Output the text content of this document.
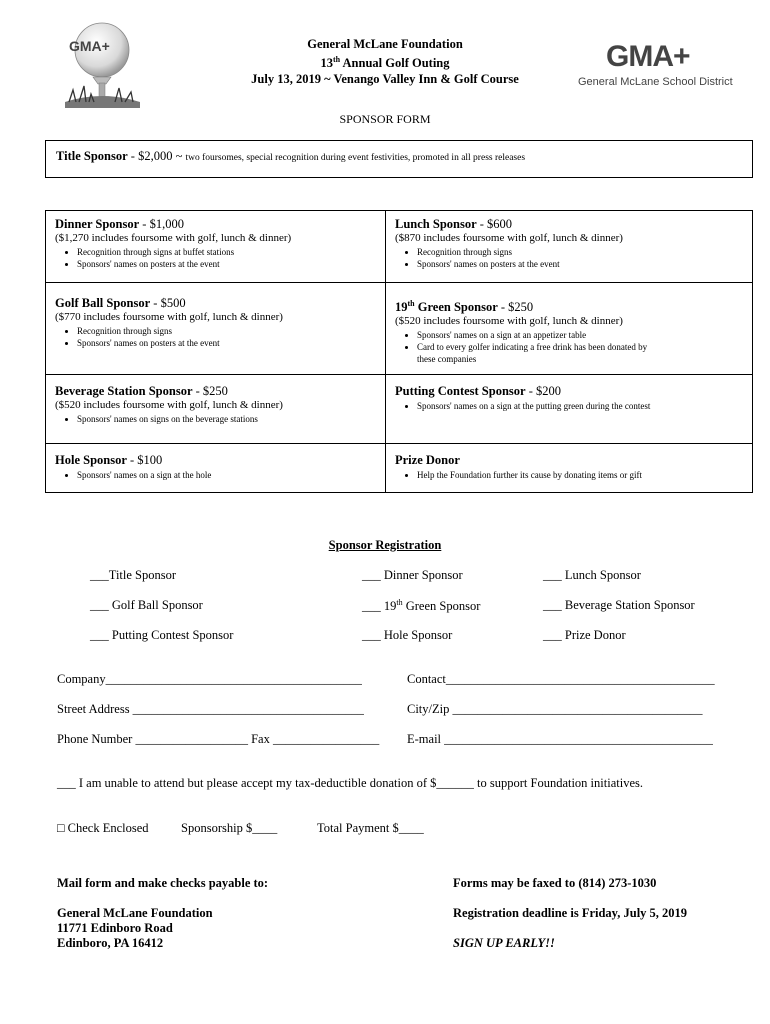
GMA+	GMA+
General McLane School District
General McLane Foundation
13th Annual Golf Outing
July 13, 2019 ~ Venango Valley Inn & Golf Course
SPONSOR FORM
Title Sponsor - $2,000 ~ two foursomes, special recognition during event festivities, promoted in all press releases
Dinner Sponsor - $1,000
($1,270 includes foursome with golf, lunch & dinner)
• Recognition through signs at buffet stations
• Sponsors' names on posters at the event
Lunch Sponsor - $600
($870 includes foursome with golf, lunch & dinner)
• Recognition through signs
• Sponsors' names on posters at the event
Golf Ball Sponsor - $500
($770 includes foursome with golf, lunch & dinner)
• Recognition through signs
• Sponsors' names on posters at the event
19th Green Sponsor - $250
($520 includes foursome with golf, lunch & dinner)
• Sponsors' names on a sign at an appetizer table
• Card to every golfer indicating a free drink has been donated by these companies
Beverage Station Sponsor - $250
($520 includes foursome with golf, lunch & dinner)
• Sponsors' names on signs on the beverage stations
Putting Contest Sponsor - $200
• Sponsors' names on a sign at the putting green during the contest
Hole Sponsor - $100
• Sponsors' names on a sign at the hole
Prize Donor
• Help the Foundation further its cause by donating items or gift
Sponsor Registration
___Title Sponsor	___ Dinner Sponsor	___ Lunch Sponsor
___ Golf Ball Sponsor	___ 19th Green Sponsor	___ Beverage Station Sponsor
___ Putting Contest Sponsor	___ Hole Sponsor	___ Prize Donor
Company_________________________________________	Contact___________________________________________
Street Address _____________________________________	City/Zip ________________________________________
Phone Number __________________ Fax _________________ E-mail ___________________________________________
___ I am unable to attend but please accept my tax-deductible donation of $______ to support Foundation initiatives.
□ Check Enclosed	Sponsorship $____	Total Payment $____
Mail form and make checks payable to:
General McLane Foundation
11771 Edinboro Road
Edinboro, PA 16412
Forms may be faxed to (814) 273-1030
Registration deadline is Friday, July 5, 2019
SIGN UP EARLY!!
